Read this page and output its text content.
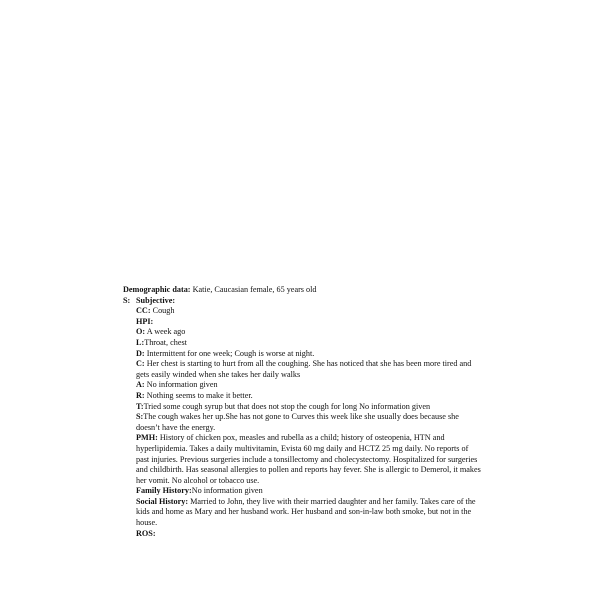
Demographic data: Katie, Caucasian female, 65 years old
S: Subjective:
CC: Cough
HPI:
O: A week ago
L:Throat, chest
D: Intermittent for one week; Cough is worse at night.
C: Her chest is starting to hurt from all the coughing. She has noticed that she has been more tired and gets easily winded when she takes her daily walks
A: No information given
R: Nothing seems to make it better.
T:Tried some cough syrup but that does not stop the cough for long No information given
S:The cough wakes her up.She has not gone to Curves this week like she usually does because she doesn’t have the energy.
PMH: History of chicken pox, measles and rubella as a child; history of osteopenia, HTN and hyperlipidemia. Takes a daily multivitamin, Evista 60 mg daily and HCTZ 25 mg daily. No reports of past injuries. Previous surgeries include a tonsillectomy and cholecystectomy. Hospitalized for surgeries and childbirth. Has seasonal allergies to pollen and reports hay fever. She is allergic to Demerol, it makes her vomit. No alcohol or tobacco use.
Family History:No information given
Social History: Married to John, they live with their married daughter and her family. Takes care of the kids and home as Mary and her husband work. Her husband and son-in-law both smoke, but not in the house.
ROS:
